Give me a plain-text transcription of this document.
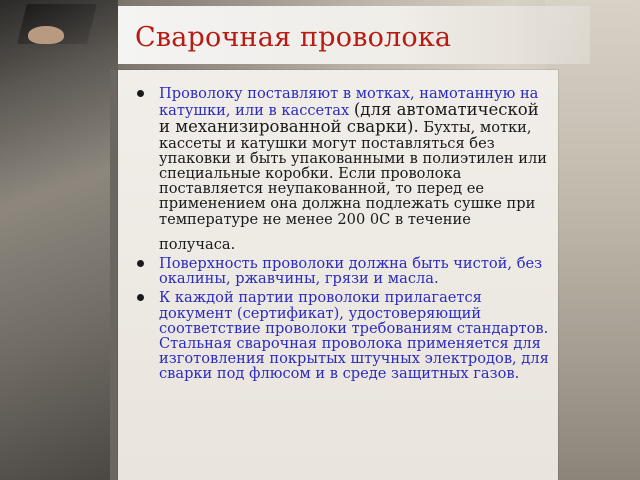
Сварочная проволока
Проволоку поставляют в мотках, намотанную на катушки, или в кассетах (для автоматической и механизированной сварки). Бухты, мотки, кассеты и катушки могут поставляться без упаковки и быть упакованными в полиэтилен или специальные коробки. Если проволока поставляется неупакованной, то перед ее применением она должна подлежать сушке при температуре не менее 200 0С в течение
получаса.
Поверхность проволоки должна быть чистой, без окалины, ржавчины, грязи и масла.
К каждой партии проволоки прилагается документ (сертификат), удостоверяющий соответствие проволоки требованиям стандартов. Стальная сварочная проволока применяется для изготовления покрытых штучных электродов, для сварки под флюсом и в среде защитных газов.
